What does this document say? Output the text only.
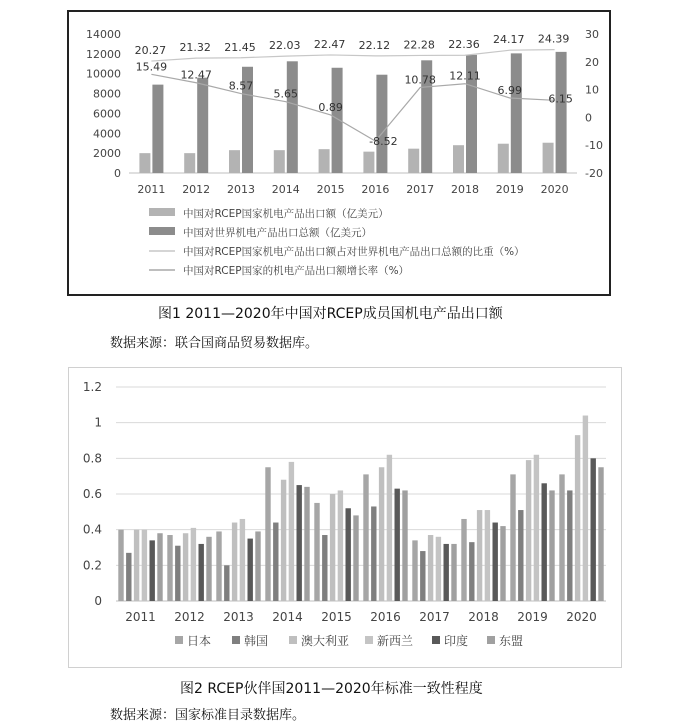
0
2000
4000
6000
8000
10000
12000
14000
-20
-10
0
10
20
30
2011 2012 2013 2014 2015 2016 2017 2018 2019 2020
20.27 21.32 21.45 22.03 22.47 22.12 22.28 22.36 24.17 24.39
15.49
12.47
8.57
5.65
0.89
-8.52
10.78 12.11
6.99
6.15
中国对RCEP国家机电产品出口额（亿美元）
中国对世界机电产品出口总额（亿美元）
中国对RCEP国家机电产品出口额占对世界机电产品出口总额的比重（%）
中国对RCEP国家的机电产品出口额增长率（%）
图1 2011—2020年中国对RCEP成员国机电产品出口额
数据来源：联合国商品贸易数据库。
0
0.2
0.4
0.6
0.8
1
1.2
2011 2012 2013 2014 2015 2016 2017 2018 2019 2020
日本	韩国	澳大利亚 新西兰	印度	东盟
图2 RCEP伙伴国2011—2020年标准一致性程度
数据来源：国家标准目录数据库。
